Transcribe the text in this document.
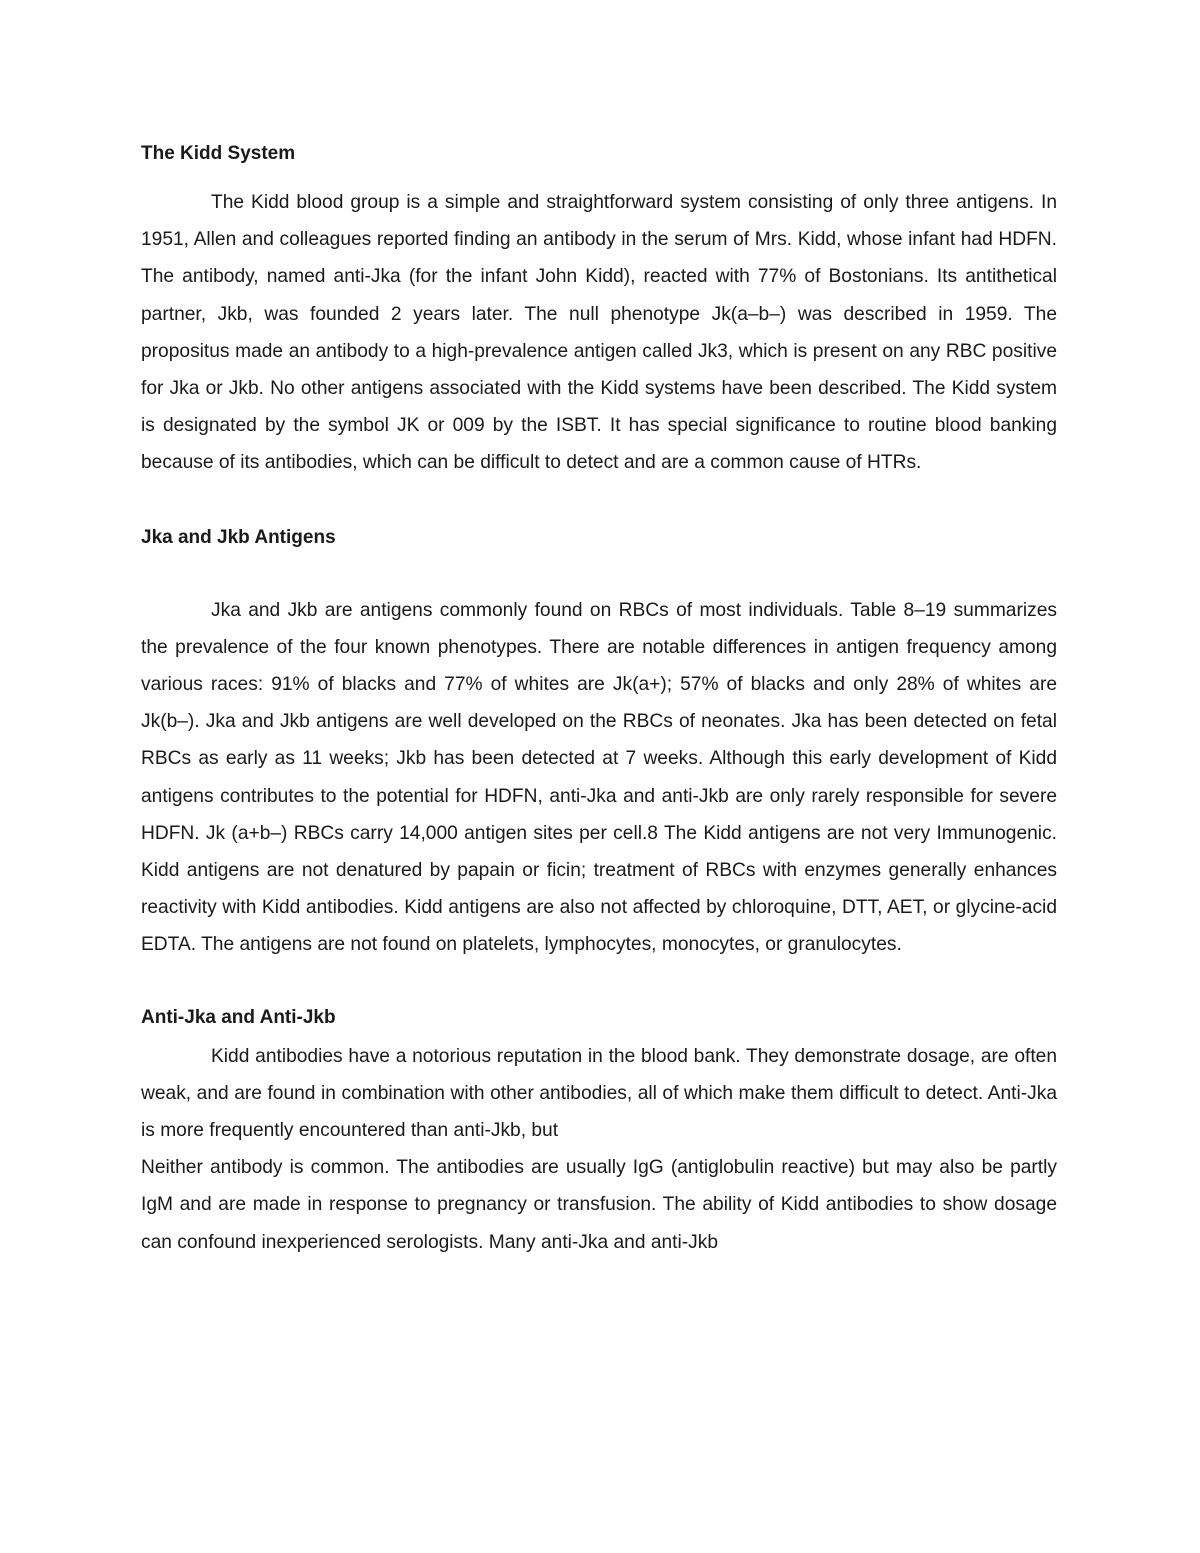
The Kidd System

The Kidd blood group is a simple and straightforward system consisting of only three antigens. In 1951, Allen and colleagues reported finding an antibody in the serum of Mrs. Kidd, whose infant had HDFN. The antibody, named anti-Jka (for the infant John Kidd), reacted with 77% of Bostonians. Its antithetical partner, Jkb, was founded 2 years later. The null phenotype Jk(a–b–) was described in 1959. The propositus made an antibody to a high-prevalence antigen called Jk3, which is present on any RBC positive for Jka or Jkb. No other antigens associated with the Kidd systems have been described. The Kidd system is designated by the symbol JK or 009 by the ISBT. It has special significance to routine blood banking because of its antibodies, which can be difficult to detect and are a common cause of HTRs.

Jka and Jkb Antigens

Jka and Jkb are antigens commonly found on RBCs of most individuals. Table 8–19 summarizes the prevalence of the four known phenotypes. There are notable differences in antigen frequency among various races: 91% of blacks and 77% of whites are Jk(a+); 57% of blacks and only 28% of whites are Jk(b–). Jka and Jkb antigens are well developed on the RBCs of neonates. Jka has been detected on fetal RBCs as early as 11 weeks; Jkb has been detected at 7 weeks. Although this early development of Kidd antigens contributes to the potential for HDFN, anti-Jka and anti-Jkb are only rarely responsible for severe HDFN. Jk (a+b–) RBCs carry 14,000 antigen sites per cell.8 The Kidd antigens are not very Immunogenic. Kidd antigens are not denatured by papain or ficin; treatment of RBCs with enzymes generally enhances reactivity with Kidd antibodies. Kidd antigens are also not affected by chloroquine, DTT, AET, or glycine-acid EDTA. The antigens are not found on platelets, lymphocytes, monocytes, or granulocytes.

Anti-Jka and Anti-Jkb

Kidd antibodies have a notorious reputation in the blood bank. They demonstrate dosage, are often weak, and are found in combination with other antibodies, all of which make them difficult to detect. Anti-Jka is more frequently encountered than anti-Jkb, but

Neither antibody is common. The antibodies are usually IgG (antiglobulin reactive) but may also be partly IgM and are made in response to pregnancy or transfusion. The ability of Kidd antibodies to show dosage can confound inexperienced serologists. Many anti-Jka and anti-Jkb
